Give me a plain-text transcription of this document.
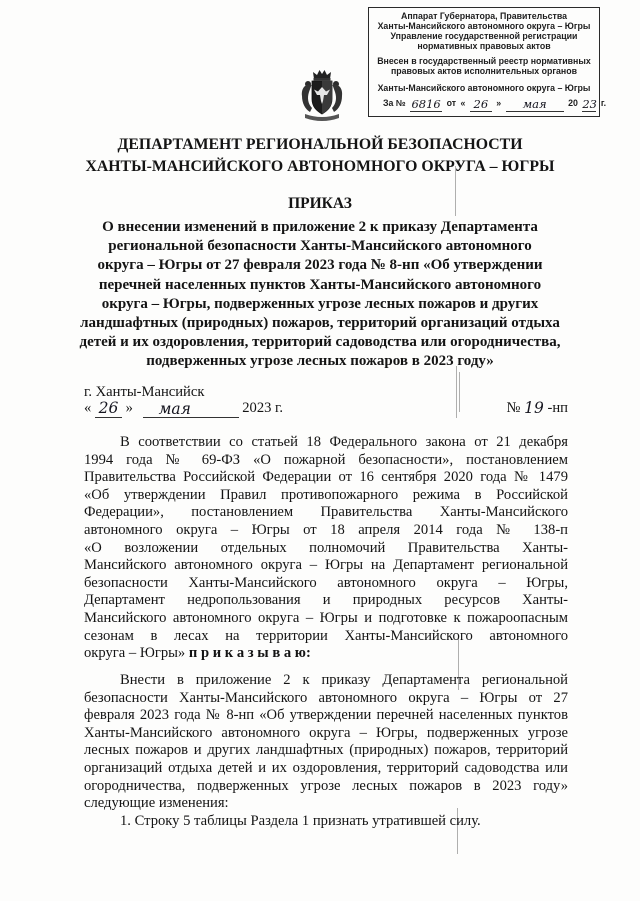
Аппарат Губернатора, Правительства
Ханты-Мансийского автономного округа – Югры
Управление государственной регистрации
нормативных правовых актов
Внесен в государственный реестр нормативных
правовых актов исполнительных органов
Ханты-Мансийского автономного округа – Югры
За № 6816 от « 26 » мая 20 23 г.
ДЕПАРТАМЕНТ РЕГИОНАЛЬНОЙ БЕЗОПАСНОСТИ
ХАНТЫ-МАНСИЙСКОГО АВТОНОМНОГО ОКРУГА – ЮГРЫ
ПРИКАЗ
О внесении изменений в приложение 2 к приказу Департамента
региональной безопасности Ханты-Мансийского автономного
округа – Югры от 27 февраля 2023 года № 8-нп «Об утверждении
перечней населенных пунктов Ханты-Мансийского автономного
округа – Югры, подверженных угрозе лесных пожаров и других
ландшафтных (природных) пожаров, территорий организаций отдыха
детей и их оздоровления, территорий садоводства или огородничества,
подверженных угрозе лесных пожаров в 2023 году»
г. Ханты-Мансийск
« 26 » мая	2023 г.	№ 19 -нп
В соответствии со статьей 18 Федерального закона от 21 декабря
1994 года № 69-ФЗ «О пожарной безопасности», постановлением
Правительства Российской Федерации от 16 сентября 2020 года № 1479
«Об утверждении Правил противопожарного режима в Российской
Федерации», постановлением Правительства Ханты-Мансийского
автономного округа – Югры от 18 апреля 2014 года № 138-п
«О возложении отдельных полномочий Правительства Ханты-
Мансийского автономного округа – Югры на Департамент региональной
безопасности Ханты-Мансийского автономного округа – Югры,
Департамент недропользования и природных ресурсов Ханты-
Мансийского автономного округа – Югры и подготовке к пожароопасным
сезонам в лесах на территории Ханты-Мансийского автономного
округа – Югры» п р и к а з ы в а ю:
Внести в приложение 2 к приказу Департамента региональной
безопасности Ханты-Мансийского автономного округа – Югры от 27
февраля 2023 года № 8-нп «Об утверждении перечней населенных пунктов
Ханты-Мансийского автономного округа – Югры, подверженных угрозе
лесных пожаров и других ландшафтных (природных) пожаров, территорий
организаций отдыха детей и их оздоровления, территорий садоводства или
огородничества, подверженных угрозе лесных пожаров в 2023 году»
следующие изменения:
1. Строку 5 таблицы Раздела 1 признать утратившей силу.
